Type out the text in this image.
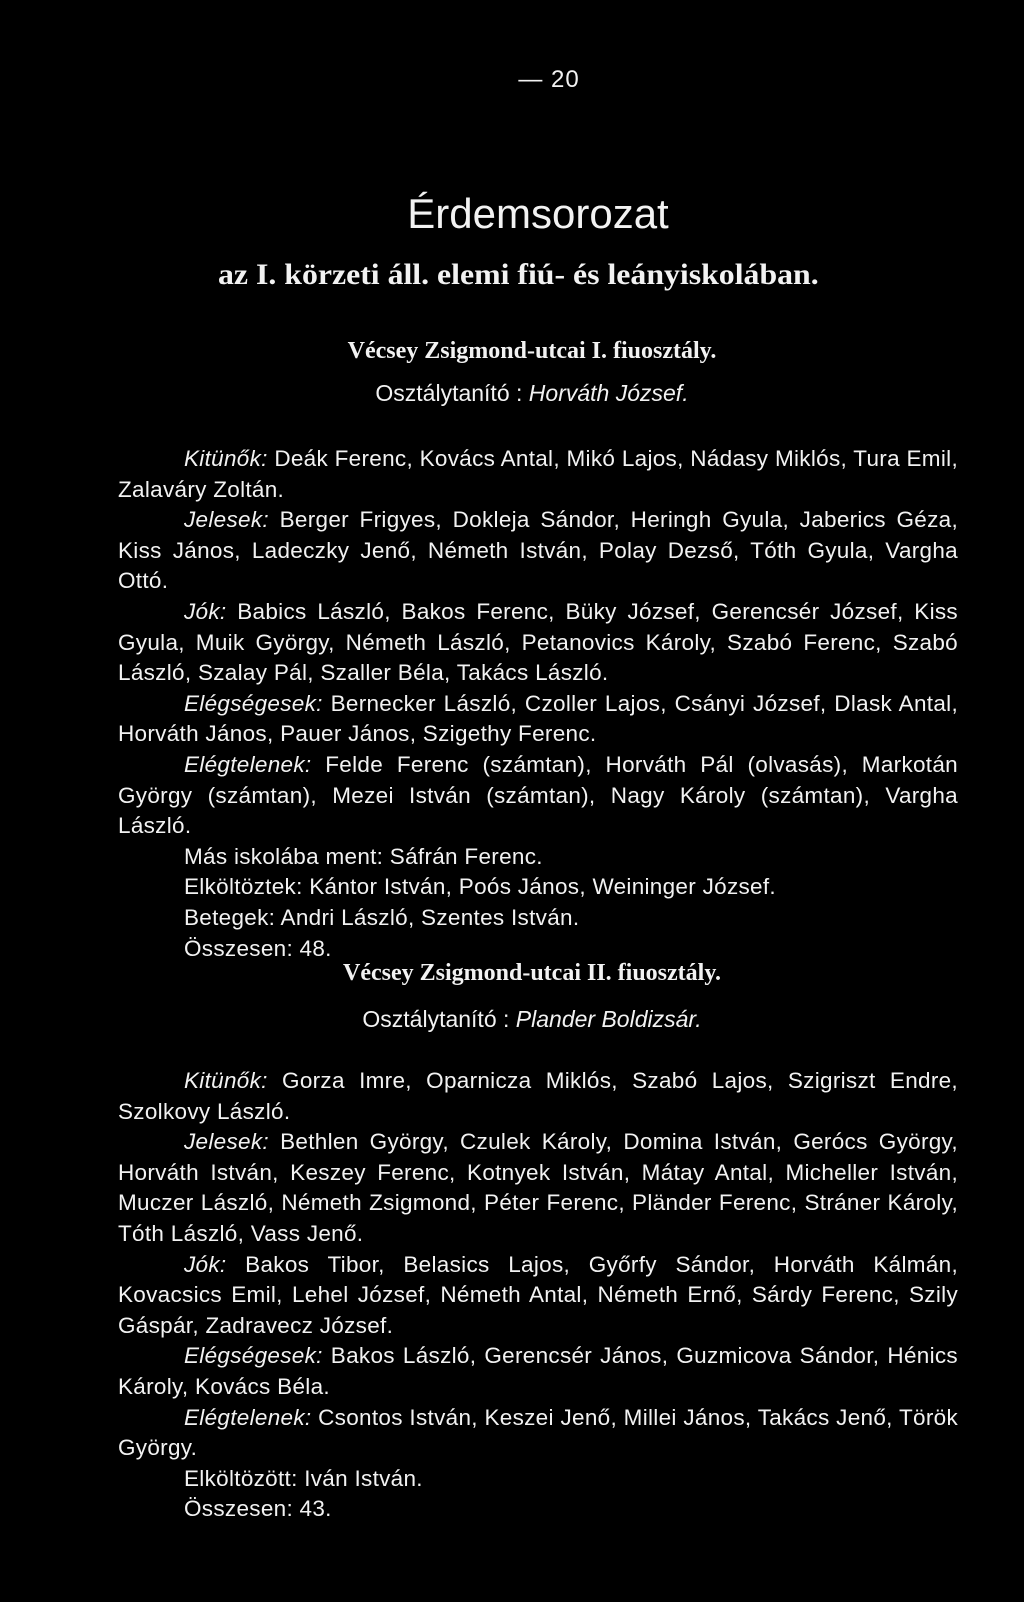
— 20
Érdemsorozat
az I. körzeti áll. elemi fiú- és leányiskolában.
Vécsey Zsigmond-utcai I. fiuosztály.
Osztálytanító : Horváth József.

Kitünők: Deák Ferenc, Kovács Antal, Mikó Lajos, Nádasy Miklós, Tura Emil, Zalaváry Zoltán.

Jelesek: Berger Frigyes, Dokleja Sándor, Heringh Gyula, Jaberics Géza, Kiss János, Ladeczky Jenő, Németh István, Polay Dezső, Tóth Gyula, Vargha Ottó.

Jók: Babics László, Bakos Ferenc, Büky József, Gerencsér József, Kiss Gyula, Muik György, Németh László, Petanovics Károly, Szabó Ferenc, Szabó László, Szalay Pál, Szaller Béla, Takács László.

Elégségesek: Bernecker László, Czoller Lajos, Csányi József, Dlask Antal, Horváth János, Pauer János, Szigethy Ferenc.

Elégtelenek: Felde Ferenc (számtan), Horváth Pál (olvasás), Markotán György (számtan), Mezei István (számtan), Nagy Károly (számtan), Vargha László.

Más iskolába ment: Sáfrán Ferenc.

Elköltöztek: Kántor István, Poós János, Weininger József.

Betegek: Andri László, Szentes István.

Összesen: 48.

Vécsey Zsigmond-utcai II. fiuosztály.
Osztálytanító : Plander Boldizsár.

Kitünők: Gorza Imre, Oparnicza Miklós, Szabó Lajos, Szigriszt Endre, Szolkovy László.

Jelesek: Bethlen György, Czulek Károly, Domina István, Gerócs György, Horváth István, Keszey Ferenc, Kotnyek István, Mátay Antal, Micheller István, Muczer László, Németh Zsigmond, Péter Ferenc, Pländer Ferenc, Stráner Károly, Tóth László, Vass Jenő.

Jók: Bakos Tibor, Belasics Lajos, Győrfy Sándor, Horváth Kálmán, Kovacsics Emil, Lehel József, Németh Antal, Németh Ernő, Sárdy Ferenc, Szily Gáspár, Zadravecz József.

Elégségesek: Bakos László, Gerencsér János, Guzmicova Sándor, Hénics Károly, Kovács Béla.

Elégtelenek: Csontos István, Keszei Jenő, Millei János, Takács Jenő, Török György.

Elköltözött: Iván István.

Összesen: 43.
